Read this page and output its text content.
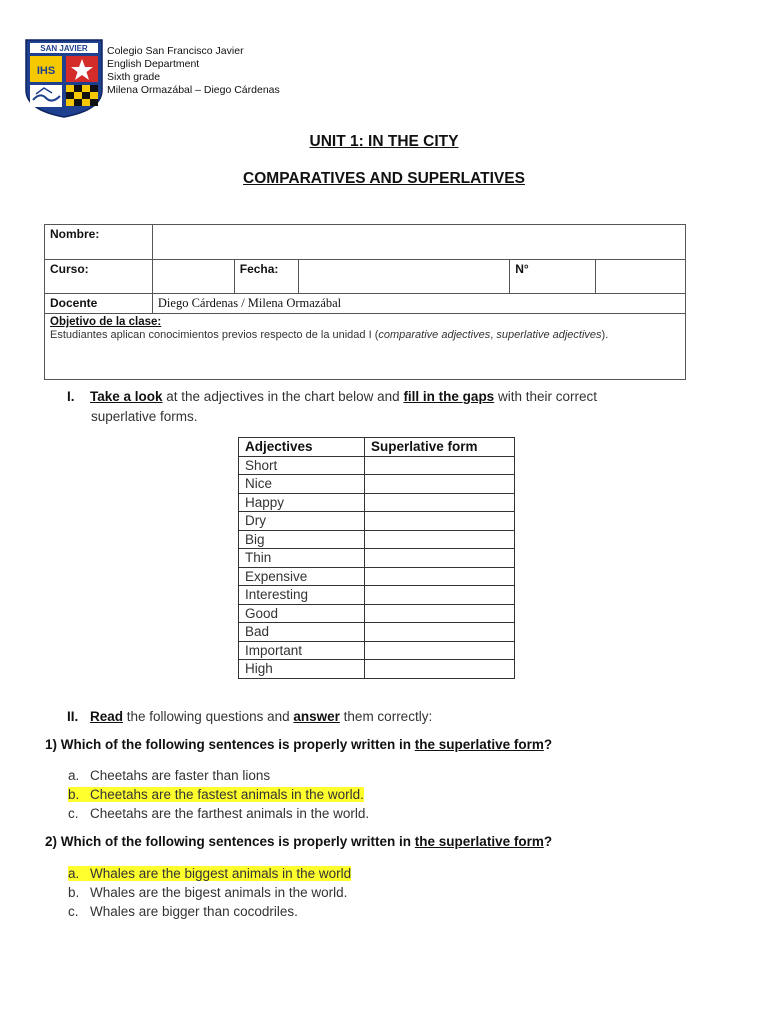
SAN JAVIER
IHS
Colegio San Francisco Javier
English Department
Sixth grade
Milena Ormazábal – Diego Cárdenas
UNIT 1: IN THE CITY
COMPARATIVES AND SUPERLATIVES
Nombre:					
Curso:		Fecha:		N°	
Docente	Diego Cárdenas / Milena Ormazábal				

Objetivo de la clase:
Estudiantes aplican conocimientos previos respecto de la unidad I (comparative adjectives, superlative adjectives).					
I. Take a look at the adjectives in the chart below and fill in the gaps with their correct
superlative forms.
Adjectives	Superlative form
Short	
Nice	
Happy	
Dry	
Big	
Thin	
Expensive	
Interesting	
Good	
Bad	
Important	
High	
II. Read the following questions and answer them correctly:
1) Which of the following sentences is properly written in the superlative form?
a. Cheetahs are faster than lions
b. Cheetahs are the fastest animals in the world.
c. Cheetahs are the farthest animals in the world.
2) Which of the following sentences is properly written in the superlative form?
a. Whales are the biggest animals in the world
b. Whales are the bigest animals in the world.
c. Whales are bigger than cocodriles.
